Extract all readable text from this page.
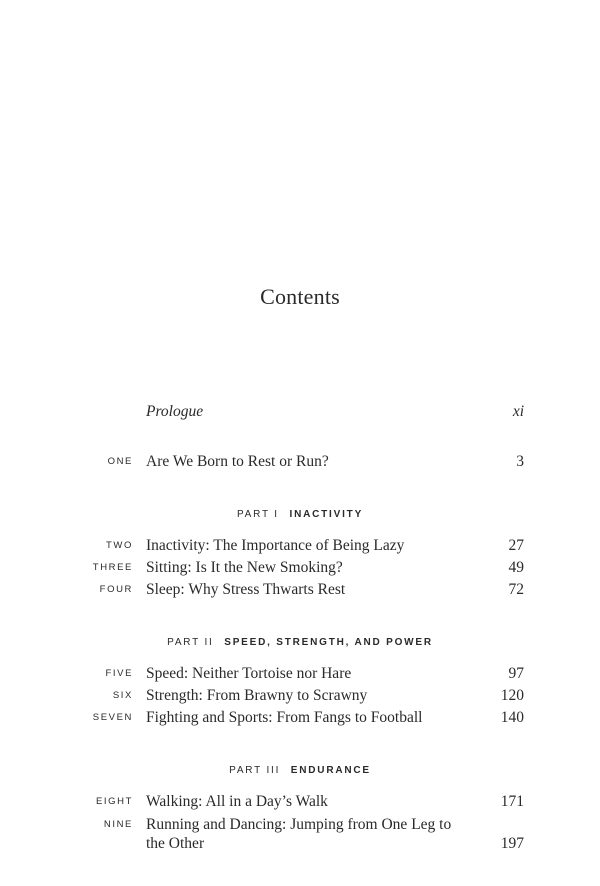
Contents
Prologue	xi
ONE Are We Born to Rest or Run?	3
PART I INACTIVITY
TWO Inactivity: The Importance of Being Lazy	27
THREE Sitting: Is It the New Smoking?	49
FOUR Sleep: Why Stress Thwarts Rest	72
PART II SPEED, STRENGTH, AND POWER
FIVE Speed: Neither Tortoise nor Hare	97
SIX Strength: From Brawny to Scrawny	120
SEVEN Fighting and Sports: From Fangs to Football	140
PART III ENDURANCE
EIGHT Walking: All in a Day’s Walk	171
NINE Running and Dancing: Jumping from One Leg to the Other	197
